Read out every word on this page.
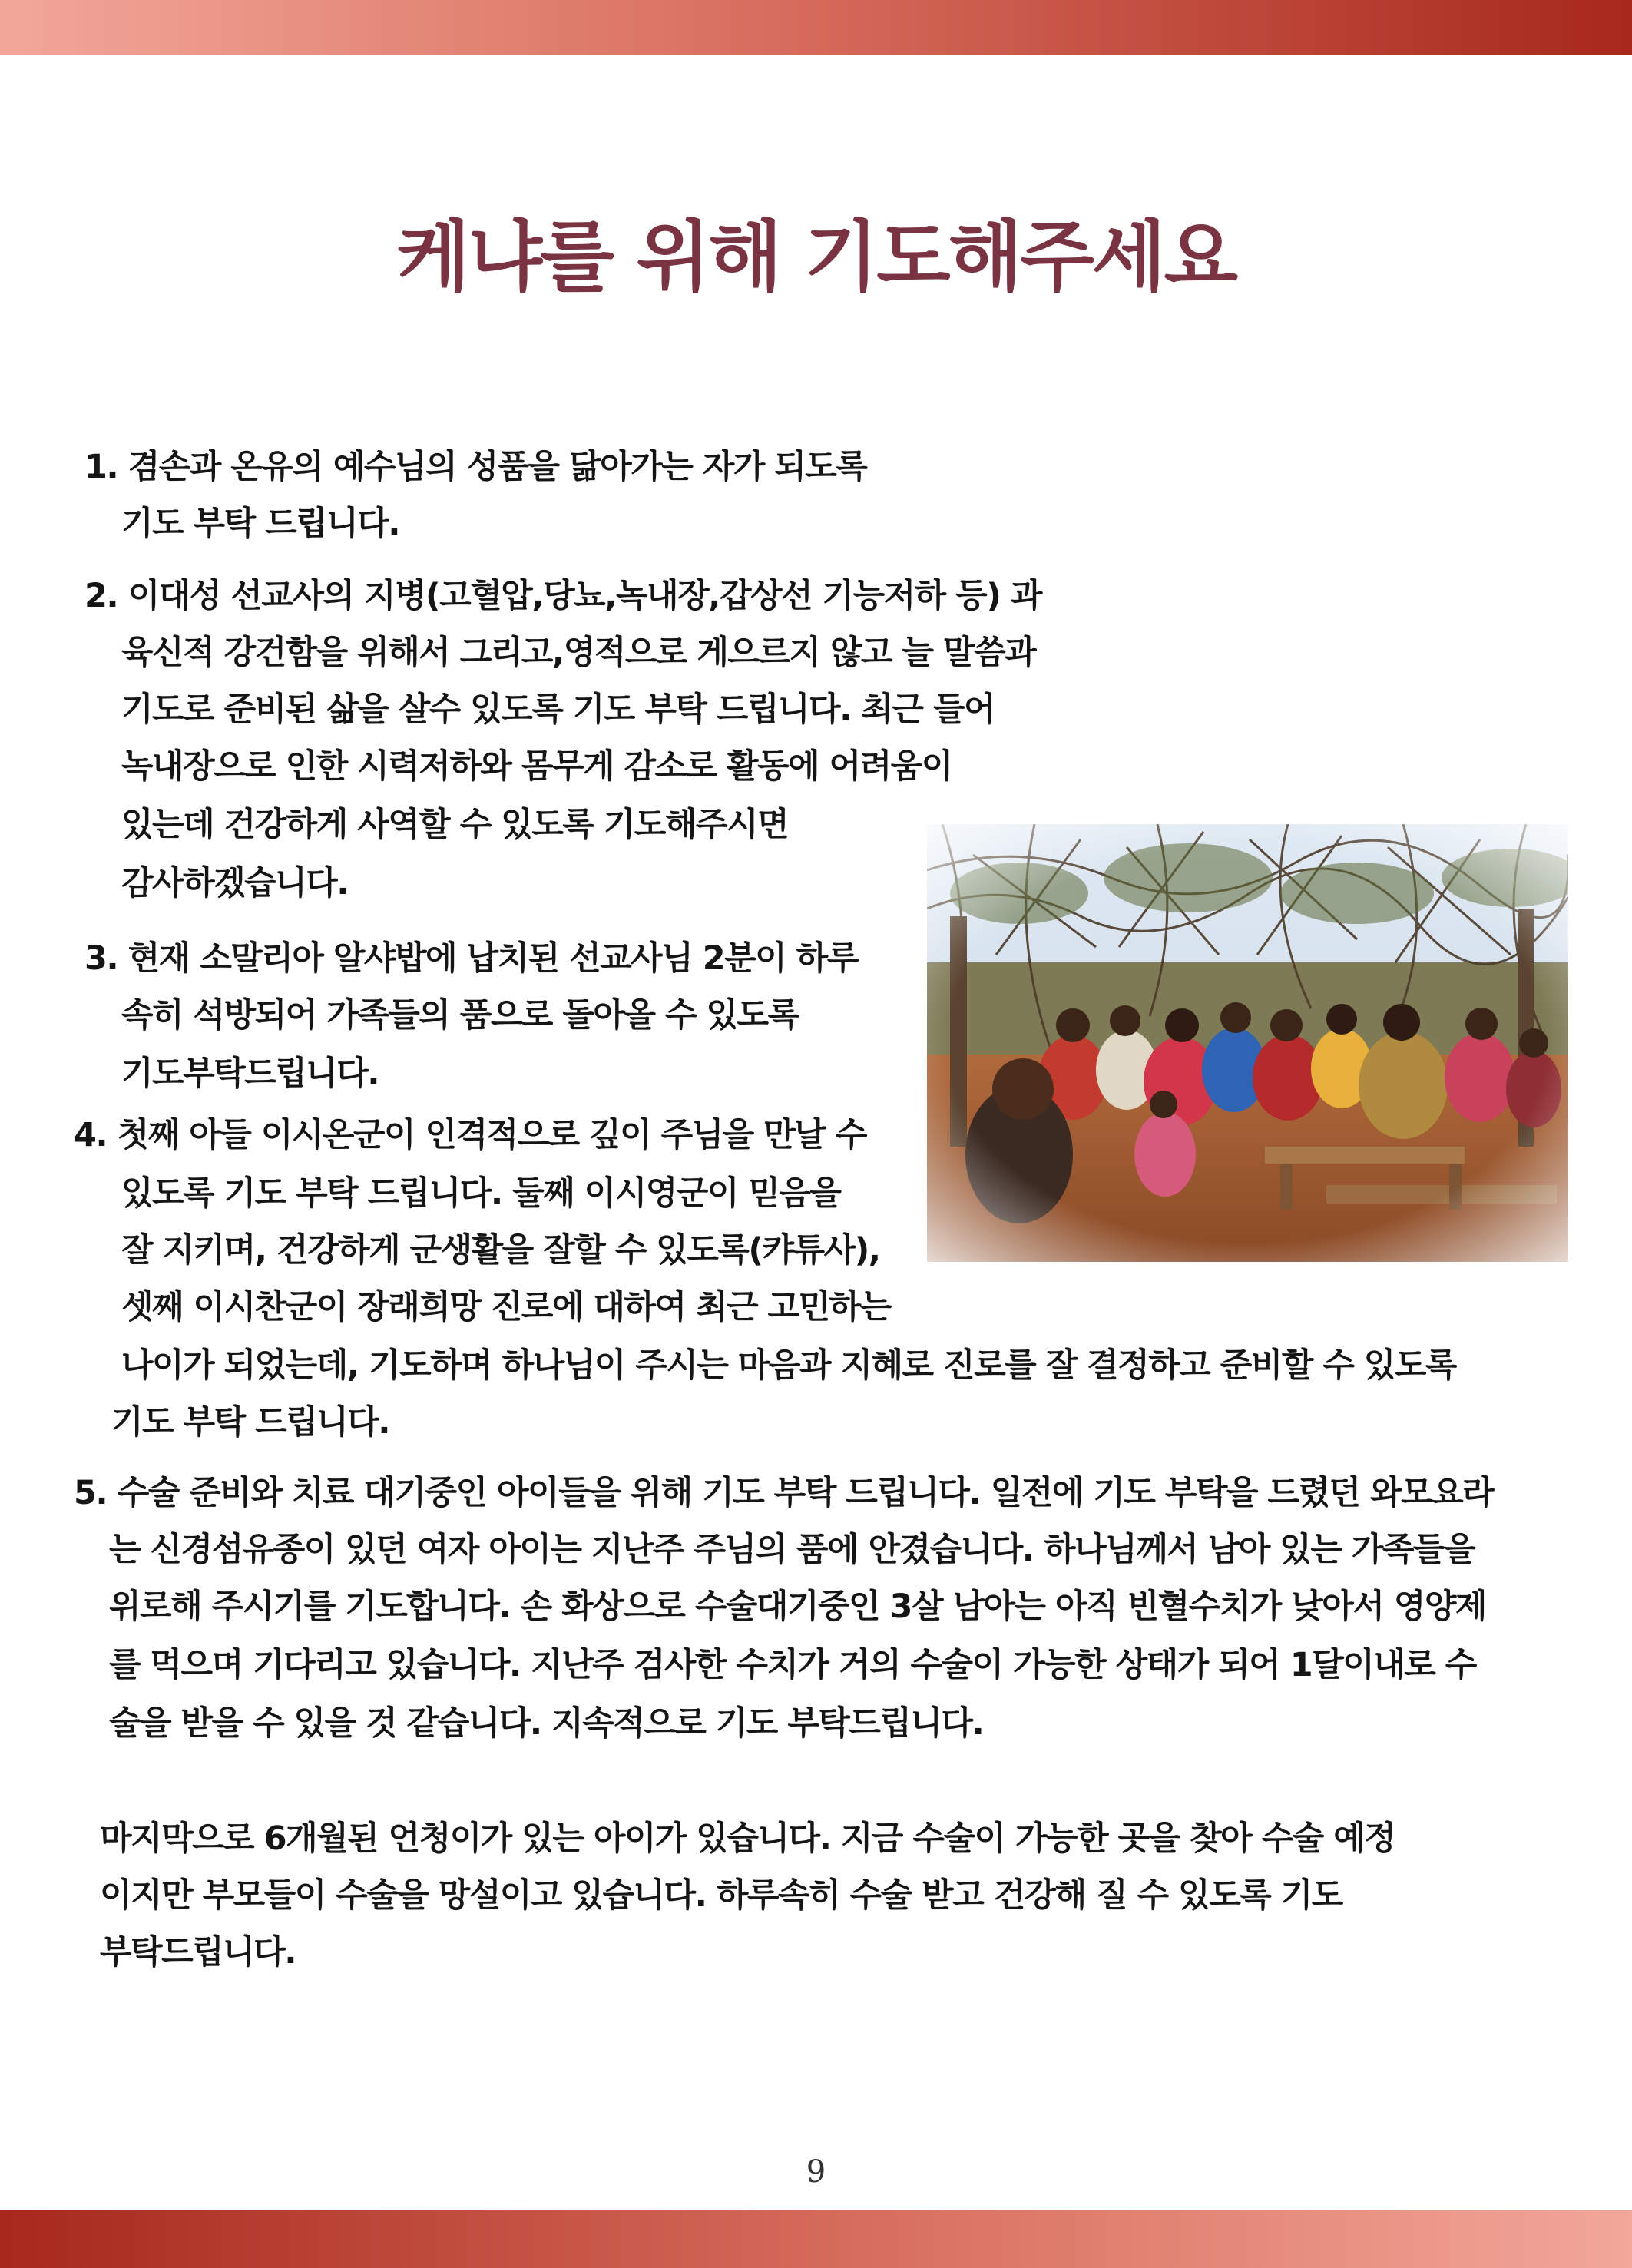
케냐를 위해 기도해주세요
1. 겸손과 온유의 예수님의 성품을 닮아가는 자가 되도록
기도 부탁 드립니다.
2. 이대성 선교사의 지병(고혈압,당뇨,녹내장,갑상선 기능저하 등) 과
육신적 강건함을 위해서 그리고,영적으로 게으르지 않고 늘 말씀과
기도로 준비된 삶을 살수 있도록 기도 부탁 드립니다. 최근 들어
녹내장으로 인한 시력저하와 몸무게 감소로 활동에 어려움이
있는데 건강하게 사역할 수 있도록 기도해주시면
감사하겠습니다.
3. 현재 소말리아 알샤밥에 납치된 선교사님 2분이 하루
속히 석방되어 가족들의 품으로 돌아올 수 있도록
기도부탁드립니다.
4. 첫째 아들 이시온군이 인격적으로 깊이 주님을 만날 수
있도록 기도 부탁 드립니다. 둘째 이시영군이 믿음을
잘 지키며, 건강하게 군생활을 잘할 수 있도록(캬튜사),
셋째 이시찬군이 장래희망 진로에 대하여 최근 고민하는
나이가 되었는데, 기도하며 하나님이 주시는 마음과 지혜로 진로를 잘 결정하고 준비할 수 있도록
기도 부탁 드립니다.
5. 수술 준비와 치료 대기중인 아이들을 위해 기도 부탁 드립니다. 일전에 기도 부탁을 드렸던 와모요라
는 신경섬유종이 있던 여자 아이는 지난주 주님의 품에 안겼습니다. 하나님께서 남아 있는 가족들을
위로해 주시기를 기도합니다. 손 화상으로 수술대기중인 3살 남아는 아직 빈혈수치가 낮아서 영양제
를 먹으며 기다리고 있습니다. 지난주 검사한 수치가 거의 수술이 가능한 상태가 되어 1달이내로 수
술을 받을 수 있을 것 같습니다. 지속적으로 기도 부탁드립니다.
마지막으로 6개월된 언청이가 있는 아이가 있습니다. 지금 수술이 가능한 곳을 찾아 수술 예정
이지만 부모들이 수술을 망설이고 있습니다. 하루속히 수술 받고 건강해 질 수 있도록 기도
부탁드립니다.
9
